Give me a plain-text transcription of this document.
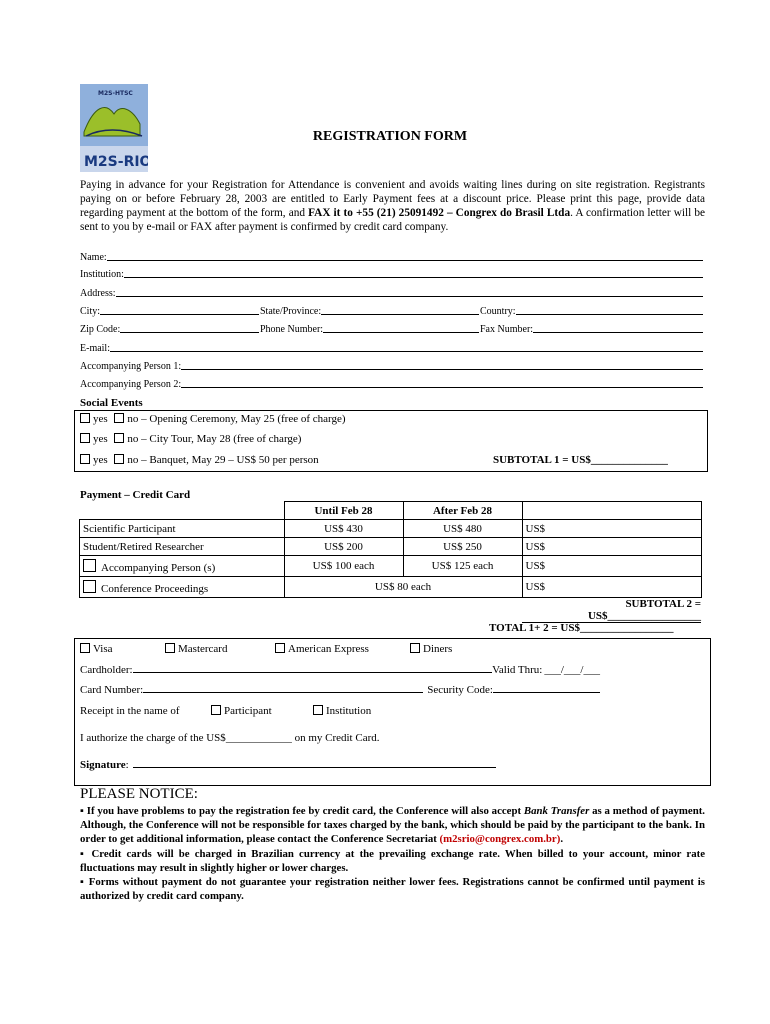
M2S-HTSC
M2S-RIO
REGISTRATION FORM
Paying in advance for your Registration for Attendance is convenient and avoids waiting lines during on site registration. Registrants paying on or before February 28, 2003 are entitled to Early Payment fees at a discount price. Please print this page, provide data regarding payment at the bottom of the form, and FAX it to +55 (21) 25091492 – Congrex do Brasil Ltda. A confirmation letter will be sent to you by e-mail or FAX after payment is confirmed by credit card company.
Name:
Institution:
Address:
City:	State/Province:	Country:
Zip Code:	Phone Number:	Fax Number:
E-mail:
Accompanying Person 1:
Accompanying Person 2:
Social Events
yes no – Opening Ceremony, May 25 (free of charge)
yes no – City Tour, May 28 (free of charge)
yes no – Banquet, May 29 – US$ 50 per person	SUBTOTAL 1 = US$______________
Payment – Credit Card
	Until Feb 28	After Feb 28	
Scientific Participant	US$ 430	US$ 480	US$
Student/Retired Researcher	US$ 200	US$ 250	US$
Accompanying Person (s)	US$ 100 each	US$ 125 each	US$
Conference Proceedings	US$ 80 each		US$
			SUBTOTAL 2 = US$_________________
TOTAL 1+ 2 = US$_________________
Visa	Mastercard	American Express	Diners
Cardholder:	Valid Thru: ___/___/___
Card Number:	Security Code:
Receipt in the name of	Participant	Institution
I authorize the charge of the US$____________ on my Credit Card.
Signature :
PLEASE NOTICE:
▪ If you have problems to pay the registration fee by credit card, the Conference will also accept Bank Transfer as a method of payment. Although, the Conference will not be responsible for taxes charged by the bank, which should be paid by the participant to the bank. In order to get additional information, please contact the Conference Secretariat (m2srio@congrex.com.br).
▪ Credit cards will be charged in Brazilian currency at the prevailing exchange rate. When billed to your account, minor rate fluctuations may result in slightly higher or lower charges.
▪ Forms without payment do not guarantee your registration neither lower fees. Registrations cannot be confirmed until payment is authorized by credit card company.
